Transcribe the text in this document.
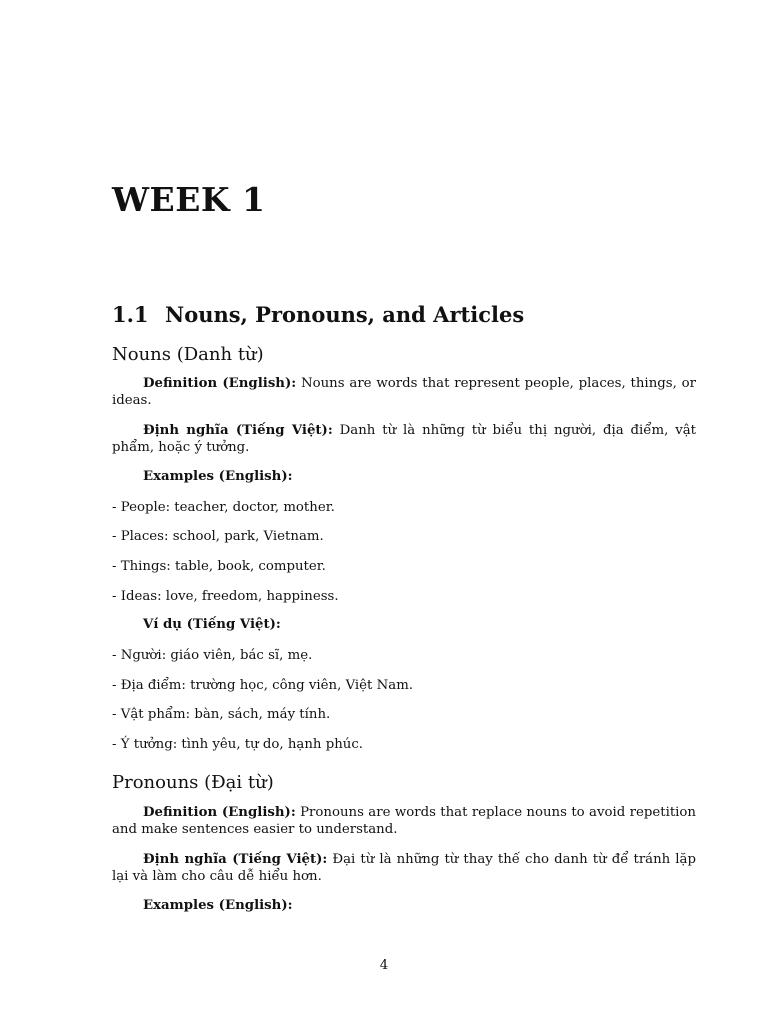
WEEK 1
1.1 Nouns, Pronouns, and Articles
Nouns (Danh từ)

Definition (English): Nouns are words that represent people, places, things, or ideas.

Định nghĩa (Tiếng Việt): Danh từ là những từ biểu thị người, địa điểm, vật phẩm, hoặc ý tưởng.

Examples (English):

- People: teacher, doctor, mother.

- Places: school, park, Vietnam.

- Things: table, book, computer.

- Ideas: love, freedom, happiness.

Ví dụ (Tiếng Việt):

- Người: giáo viên, bác sĩ, mẹ.

- Địa điểm: trường học, công viên, Việt Nam.

- Vật phẩm: bàn, sách, máy tính.

- Ý tưởng: tình yêu, tự do, hạnh phúc.

Pronouns (Đại từ)

Definition (English): Pronouns are words that replace nouns to avoid repetition and make sentences easier to understand.

Định nghĩa (Tiếng Việt): Đại từ là những từ thay thế cho danh từ để tránh lặp lại và làm cho câu dễ hiểu hơn.

Examples (English):

4
